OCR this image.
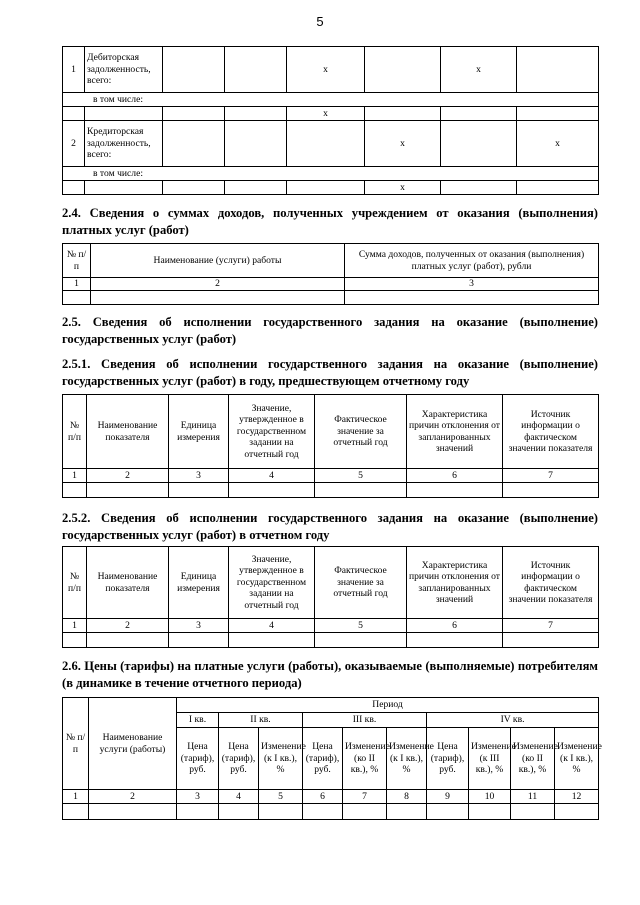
5
1	Дебиторская задолженность, всего:			x		x	
в том числе:							
				x			
2	Кредиторская задолженность, всего:				x		x
в том числе:							
					x		
2.4. Сведения о суммах доходов, полученных учреждением от оказания (выполнения) платных услуг (работ)
№ п/п	Наименование (услуги) работы	Сумма доходов, полученных от оказания (выполнения) платных услуг (работ), рубли
1	2	3

2.5. Сведения об исполнении государственного задания на оказание (выполнение) государственных услуг (работ)
2.5.1. Сведения об исполнении государственного задания на оказание (выполнение) государственных услуг (работ) в году, предшествующем отчетному году
№ п/п	Наименование показателя	Единица измерения	Значение, утвержденное в государственном задании на отчетный год	Фактическое значение за отчетный год	Характеристика причин отклонения от запланированных значений	Источник информации о фактическом значении показателя
1	2	3	4	5	6	7

2.5.2. Сведения об исполнении государственного задания на оказание (выполнение) государственных услуг (работ) в отчетном году
№ п/п	Наименование показателя	Единица измерения	Значение, утвержденное в государственном задании на отчетный год	Фактическое значение за отчетный год	Характеристика причин отклонения от запланированных значений	Источник информации о фактическом значении показателя
1	2	3	4	5	6	7

2.6. Цены (тарифы) на платные услуги (работы), оказываемые (выполняемые) потребителям (в динамике в течение отчетного периода)
№ п/п	Наименование услуги (работы)	Период									
		I кв.	II кв.		III кв.			IV кв.			
		Цена (тариф), руб.	Цена (тариф), руб.	Изменение (к I кв.), %	Цена (тариф), руб.	Изменение (ко II кв.), %	Изменение (к I кв.), %	Цена (тариф), руб.	Изменение (к III кв.), %	Изменение (ко II кв.), %	Изменение (к I кв.), %
1	2	3	4	5	6	7	8	9	10	11	12
